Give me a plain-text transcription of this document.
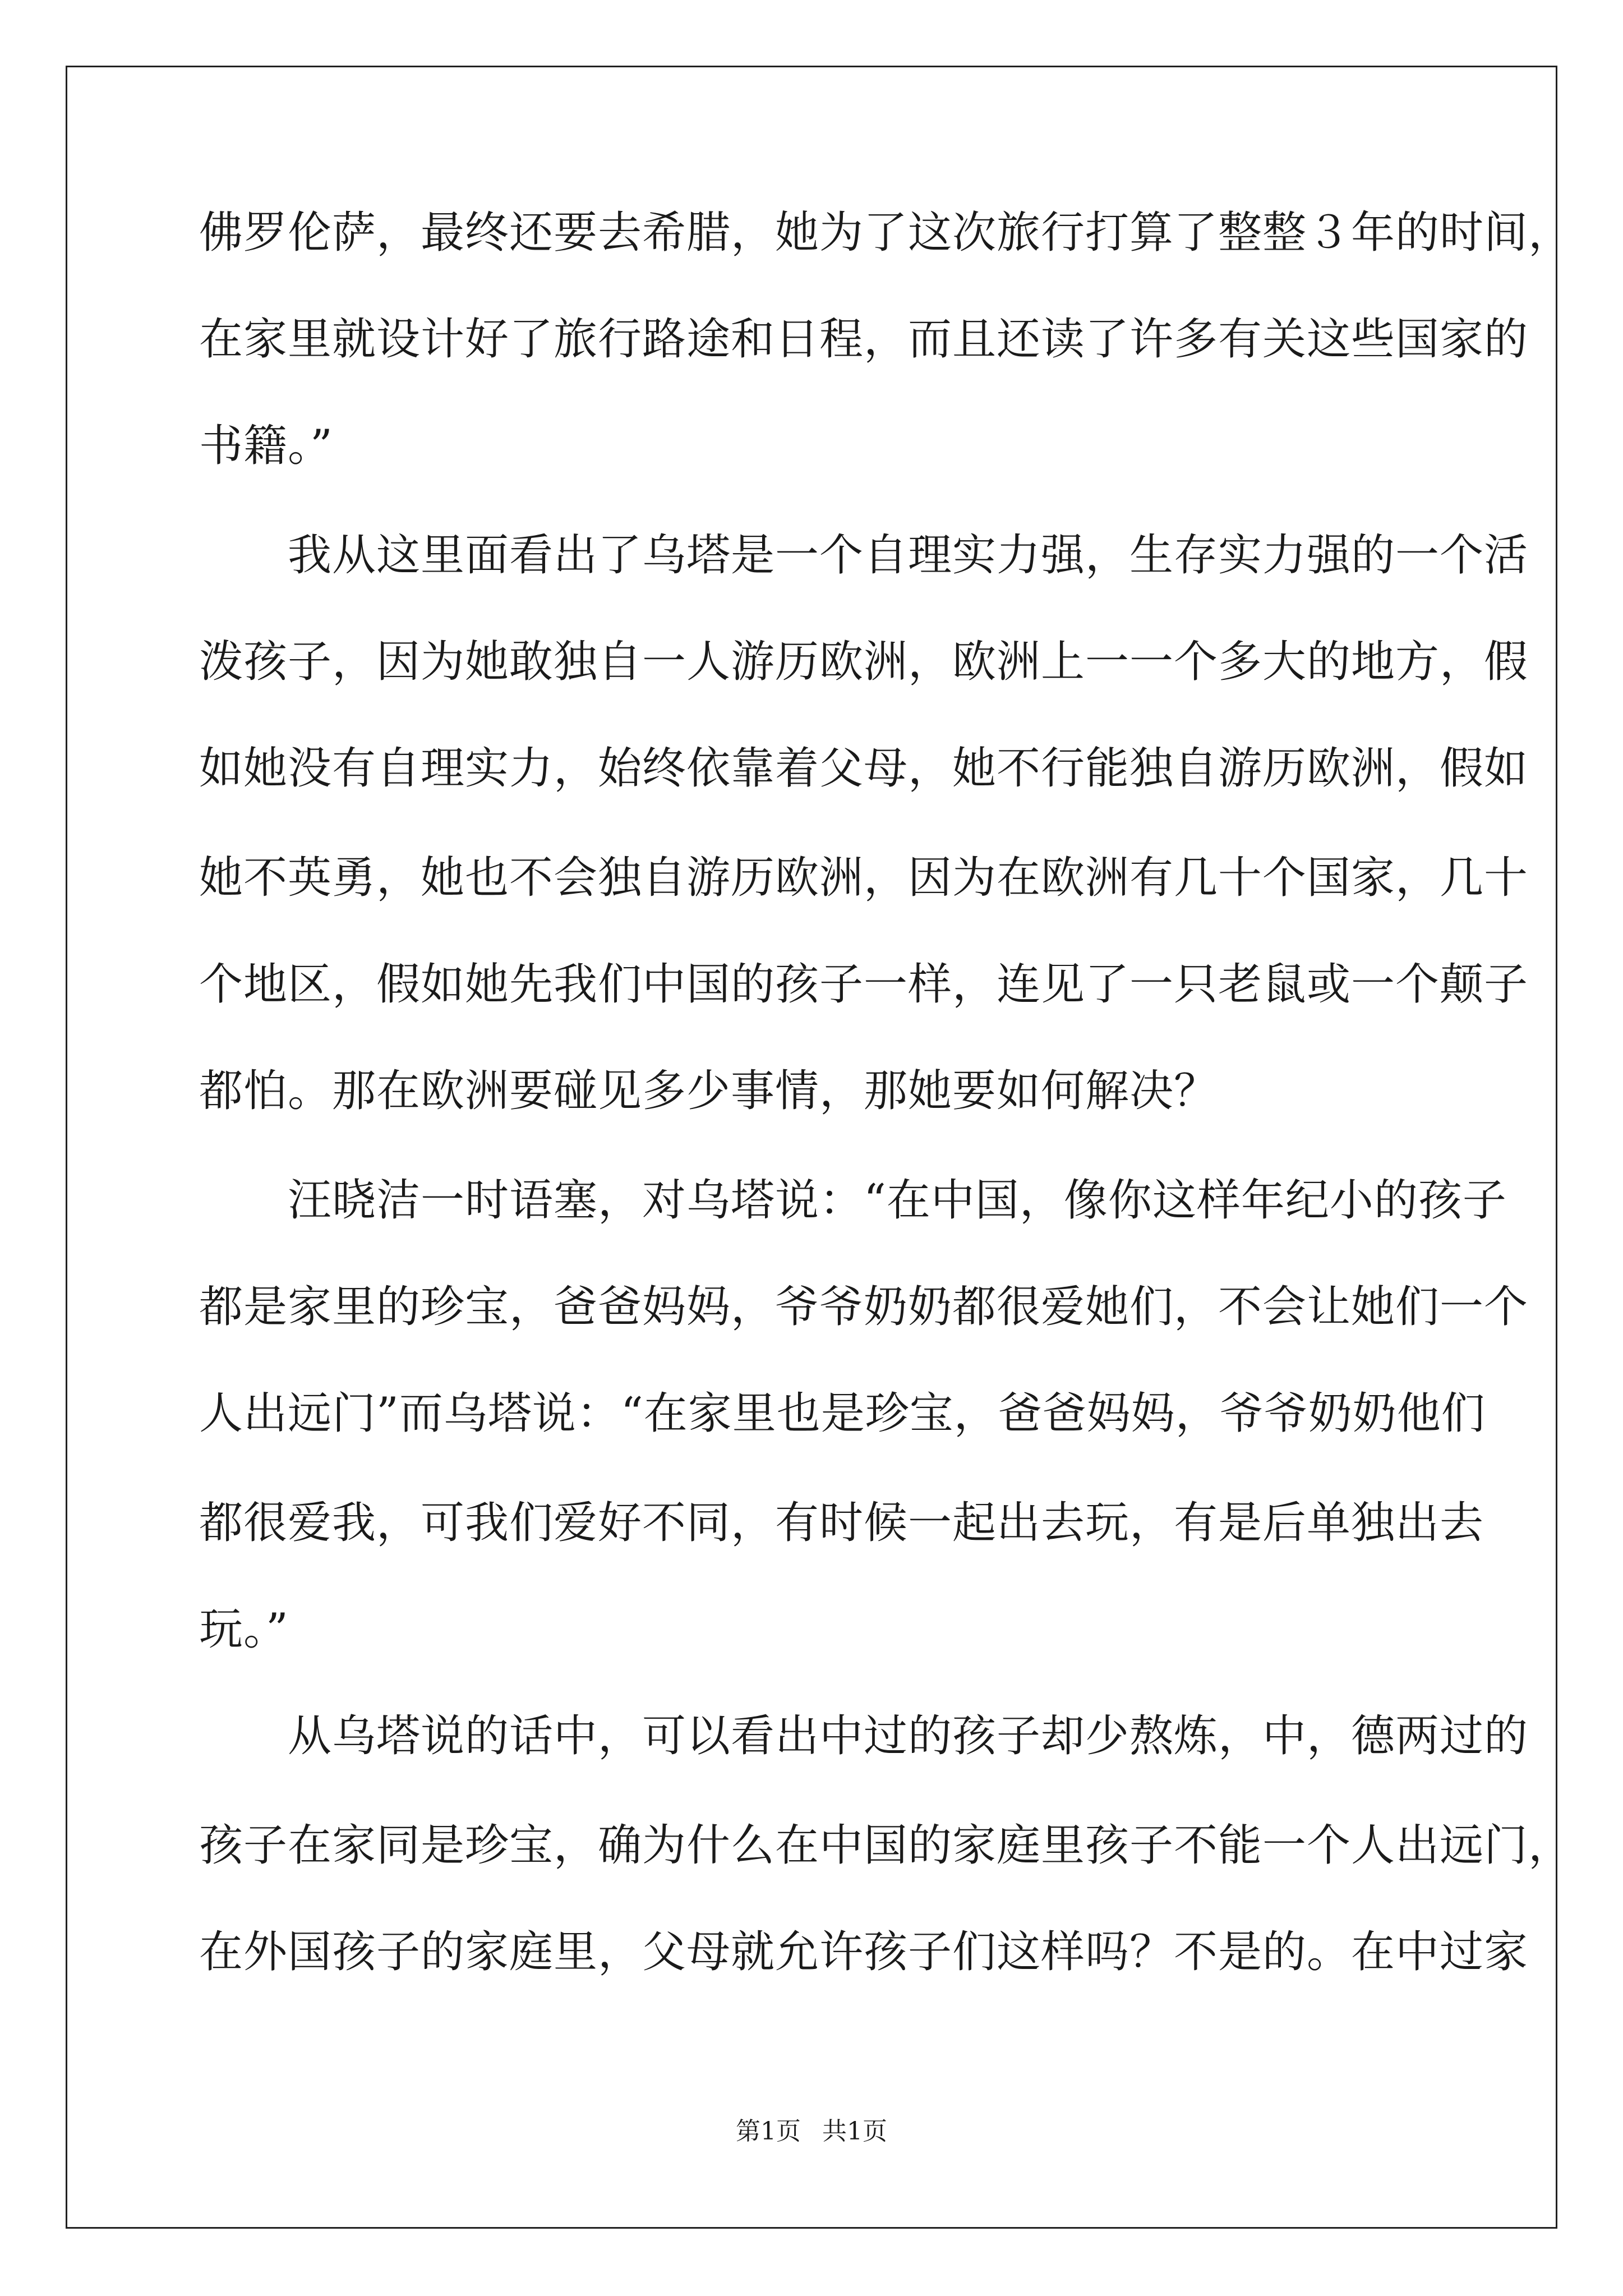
佛罗伦萨，最终还要去希腊，她为了这次旅行打算了整整３年的时间，
在家里就设计好了旅行路途和日程，而且还读了许多有关这些国家的
书籍。”
　　我从这里面看出了乌塔是一个自理实力强，生存实力强的一个活
泼孩子，因为她敢独自一人游历欧洲，欧洲上一一个多大的地方，假
如她没有自理实力，始终依靠着父母，她不行能独自游历欧洲，假如
她不英勇，她也不会独自游历欧洲，因为在欧洲有几十个国家，几十
个地区，假如她先我们中国的孩子一样，连见了一只老鼠或一个颠子
都怕。那在欧洲要碰见多少事情，那她要如何解决？
　　汪晓洁一时语塞，对乌塔说：“在中国，像你这样年纪小的孩子
都是家里的珍宝，爸爸妈妈，爷爷奶奶都很爱她们，不会让她们一个
人出远门”而乌塔说：“在家里也是珍宝，爸爸妈妈，爷爷奶奶他们
都很爱我，可我们爱好不同，有时候一起出去玩，有是后单独出去
玩。”
　　从乌塔说的话中，可以看出中过的孩子却少熬炼，中，德两过的
孩子在家同是珍宝，确为什么在中国的家庭里孩子不能一个人出远门，
在外国孩子的家庭里，父母就允许孩子们这样吗？不是的。在中过家
第1页 共1页
